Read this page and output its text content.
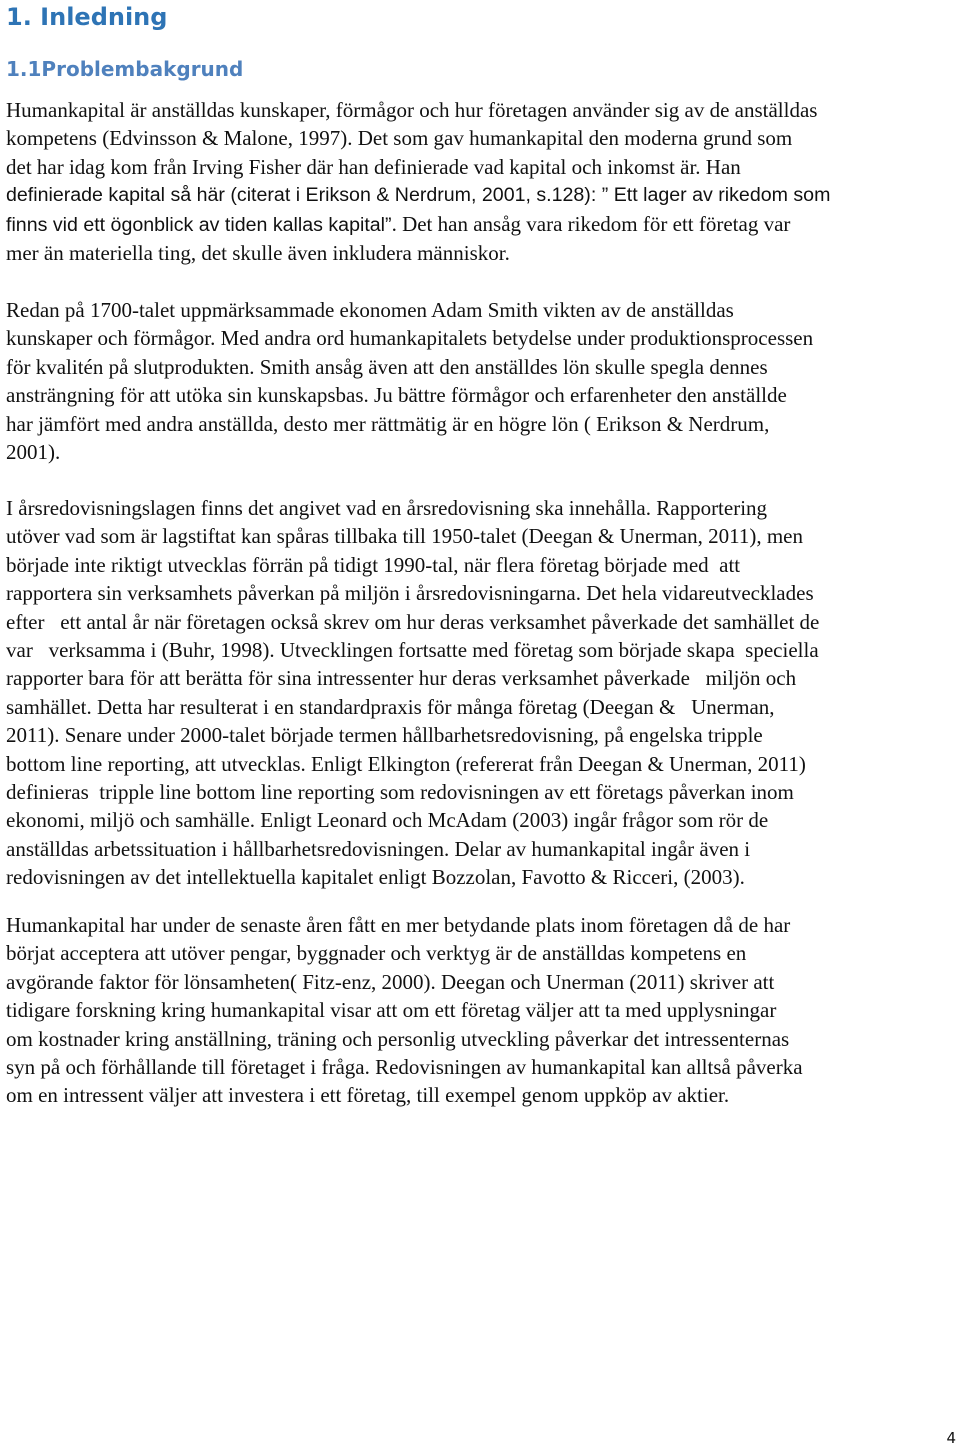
1. Inledning
1.1Problembakgrund

Humankapital är anställdas kunskaper, förmågor och hur företagen använder sig av de anställdas
kompetens (Edvinsson & Malone, 1997). Det som gav humankapital den moderna grund som
det har idag kom från Irving Fisher där han definierade vad kapital och inkomst är. Han
definierade kapital så här (citerat i Erikson & Nerdrum, 2001, s.128): ” Ett lager av rikedom som
finns vid ett ögonblick av tiden kallas kapital”. Det han ansåg vara rikedom för ett företag var
mer än materiella ting, det skulle även inkludera människor.

Redan på 1700-talet uppmärksammade ekonomen Adam Smith vikten av de anställdas
kunskaper och förmågor. Med andra ord humankapitalets betydelse under produktionsprocessen
för kvalitén på slutprodukten. Smith ansåg även att den anställdes lön skulle spegla dennes
ansträngning för att utöka sin kunskapsbas. Ju bättre förmågor och erfarenheter den anställde
har jämfört med andra anställda, desto mer rättmätig är en högre lön ( Erikson & Nerdrum,
2001).

I årsredovisningslagen finns det angivet vad en årsredovisning ska innehålla. Rapportering
utöver vad som är lagstiftat kan spåras tillbaka till 1950-talet (Deegan & Unerman, 2011), men
började inte riktigt utvecklas förrän på tidigt 1990-tal, när flera företag började med  att
rapportera sin verksamhets påverkan på miljön i årsredovisningarna. Det hela vidareutvecklades
efter   ett antal år när företagen också skrev om hur deras verksamhet påverkade det samhället de
var   verksamma i (Buhr, 1998). Utvecklingen fortsatte med företag som började skapa  speciella
rapporter bara för att berätta för sina intressenter hur deras verksamhet påverkade   miljön och
samhället. Detta har resulterat i en standardpraxis för många företag (Deegan &   Unerman,
2011). Senare under 2000-talet började termen hållbarhetsredovisning, på engelska tripple
bottom line reporting, att utvecklas. Enligt Elkington (refererat från Deegan & Unerman, 2011)
definieras  tripple line bottom line reporting som redovisningen av ett företags påverkan inom
ekonomi, miljö och samhälle. Enligt Leonard och McAdam (2003) ingår frågor som rör de
anställdas arbetssituation i hållbarhetsredovisningen. Delar av humankapital ingår även i
redovisningen av det intellektuella kapitalet enligt Bozzolan, Favotto & Ricceri, (2003).

Humankapital har under de senaste åren fått en mer betydande plats inom företagen då de har
börjat acceptera att utöver pengar, byggnader och verktyg är de anställdas kompetens en
avgörande faktor för lönsamheten( Fitz-enz, 2000). Deegan och Unerman (2011) skriver att
tidigare forskning kring humankapital visar att om ett företag väljer att ta med upplysningar
om kostnader kring anställning, träning och personlig utveckling påverkar det intressenternas
syn på och förhållande till företaget i fråga. Redovisningen av humankapital kan alltså påverka
om en intressent väljer att investera i ett företag, till exempel genom uppköp av aktier.

4
